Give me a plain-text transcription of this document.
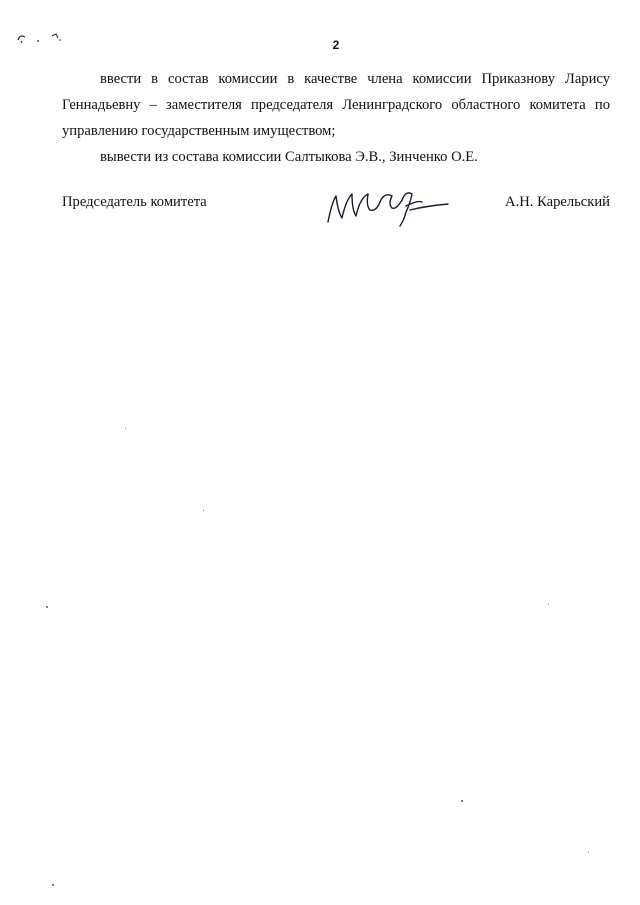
2

ввести в состав комиссии в качестве члена комиссии Приказнову Ларису Геннадьевну – заместителя председателя Ленинградского областного комитета по управлению государственным имуществом;

вывести из состава комиссии Салтыкова Э.В., Зинченко О.Е.

Председатель комитета	А.Н. Карельский
